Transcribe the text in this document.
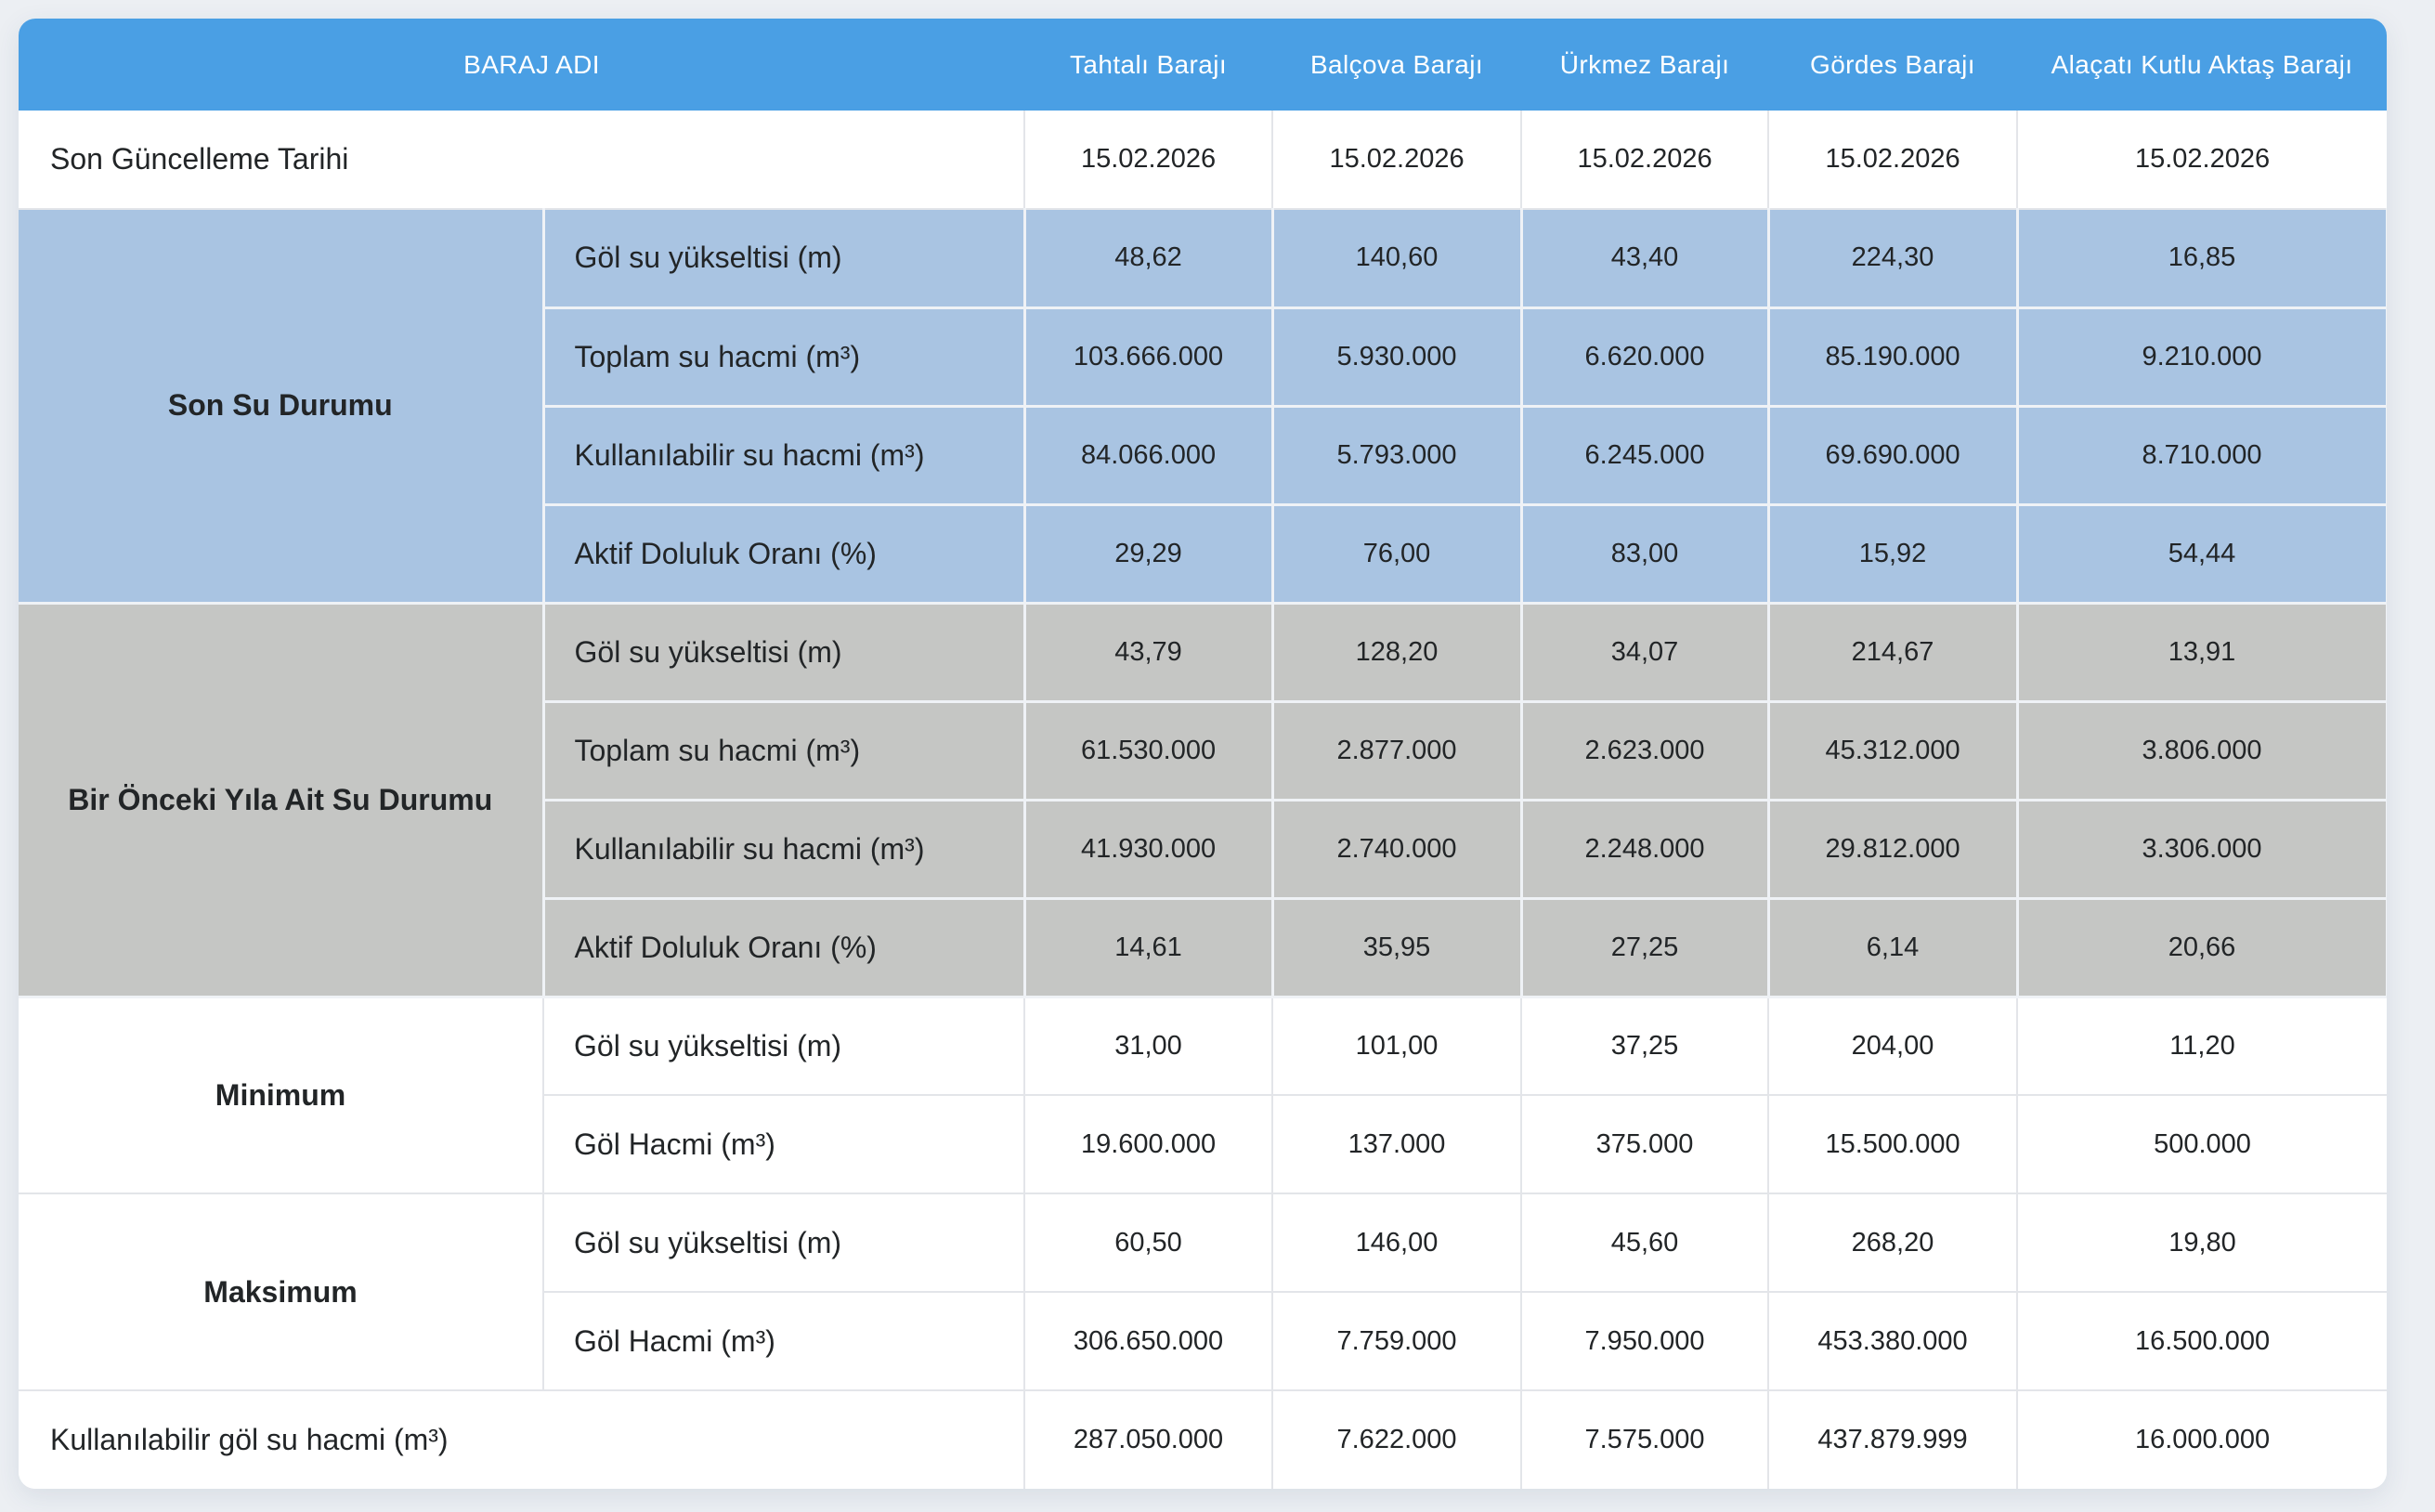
BARAJ ADI		Tahtalı Barajı	Balçova Barajı	Ürkmez Barajı	Gördes Barajı	Alaçatı Kutlu Aktaş Barajı
Son Güncelleme Tarihi		15.02.2026	15.02.2026	15.02.2026	15.02.2026	15.02.2026
Son Su Durumu	Göl su yükseltisi (m)	48,62	140,60	43,40	224,30	16,85
	Toplam su hacmi (m³)	103.666.000	5.930.000	6.620.000	85.190.000	9.210.000
	Kullanılabilir su hacmi (m³)	84.066.000	5.793.000	6.245.000	69.690.000	8.710.000
	Aktif Doluluk Oranı (%)	29,29	76,00	83,00	15,92	54,44
Bir Önceki Yıla Ait Su Durumu	Göl su yükseltisi (m)	43,79	128,20	34,07	214,67	13,91
	Toplam su hacmi (m³)	61.530.000	2.877.000	2.623.000	45.312.000	3.806.000
	Kullanılabilir su hacmi (m³)	41.930.000	2.740.000	2.248.000	29.812.000	3.306.000
	Aktif Doluluk Oranı (%)	14,61	35,95	27,25	6,14	20,66
Minimum	Göl su yükseltisi (m)	31,00	101,00	37,25	204,00	11,20
	Göl Hacmi (m³)	19.600.000	137.000	375.000	15.500.000	500.000
Maksimum	Göl su yükseltisi (m)	60,50	146,00	45,60	268,20	19,80
	Göl Hacmi (m³)	306.650.000	7.759.000	7.950.000	453.380.000	16.500.000
Kullanılabilir göl su hacmi (m³)		287.050.000	7.622.000	7.575.000	437.879.999	16.000.000
